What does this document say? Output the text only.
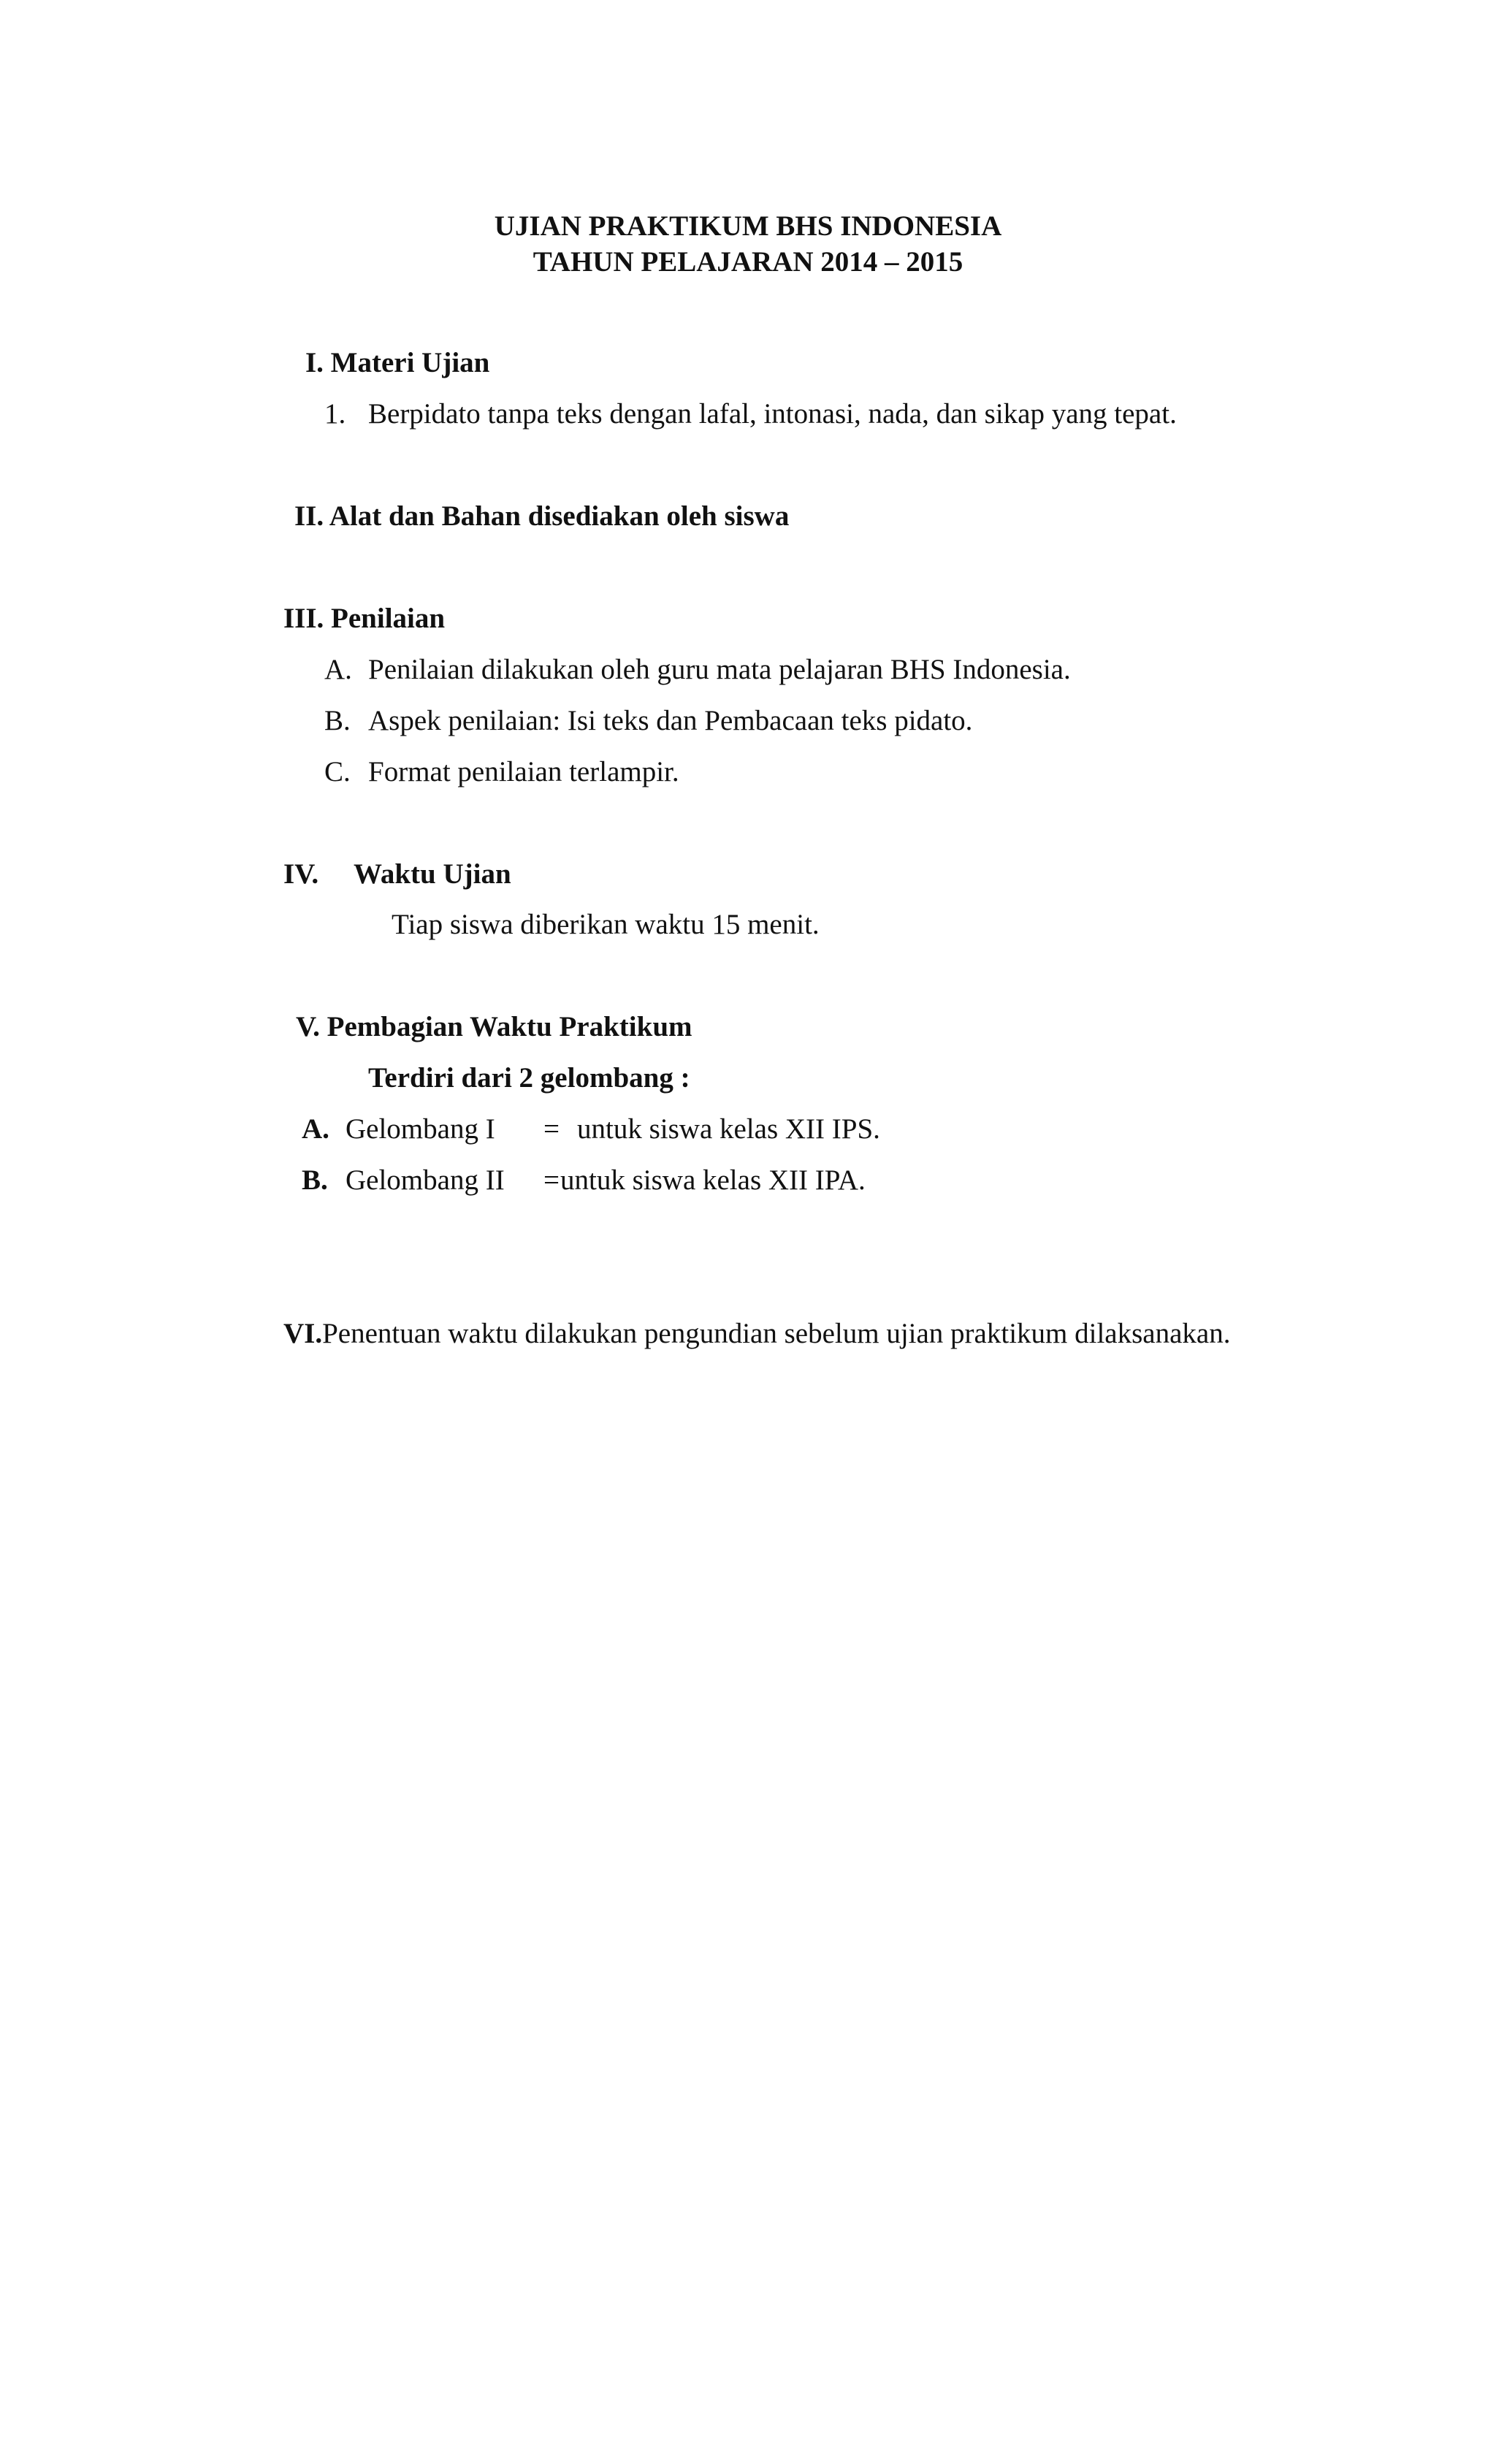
UJIAN PRAKTIKUM BHS INDONESIA
TAHUN PELAJARAN 2014 – 2015
I. Materi Ujian
1. Berpidato tanpa teks dengan lafal, intonasi, nada, dan sikap yang tepat.
II. Alat dan Bahan disediakan oleh siswa
III. Penilaian
A. Penilaian dilakukan oleh guru mata pelajaran BHS Indonesia.
B. Aspek penilaian: Isi teks dan Pembacaan teks pidato.
C. Format penilaian terlampir.
IV. Waktu Ujian
Tiap siswa diberikan waktu 15 menit.
V. Pembagian Waktu Praktikum
Terdiri dari 2 gelombang :
A. Gelombang I = untuk siswa kelas XII IPS.
B. Gelombang II = untuk siswa kelas XII IPA.
VI.Penentuan waktu dilakukan pengundian sebelum ujian praktikum dilaksanakan.
